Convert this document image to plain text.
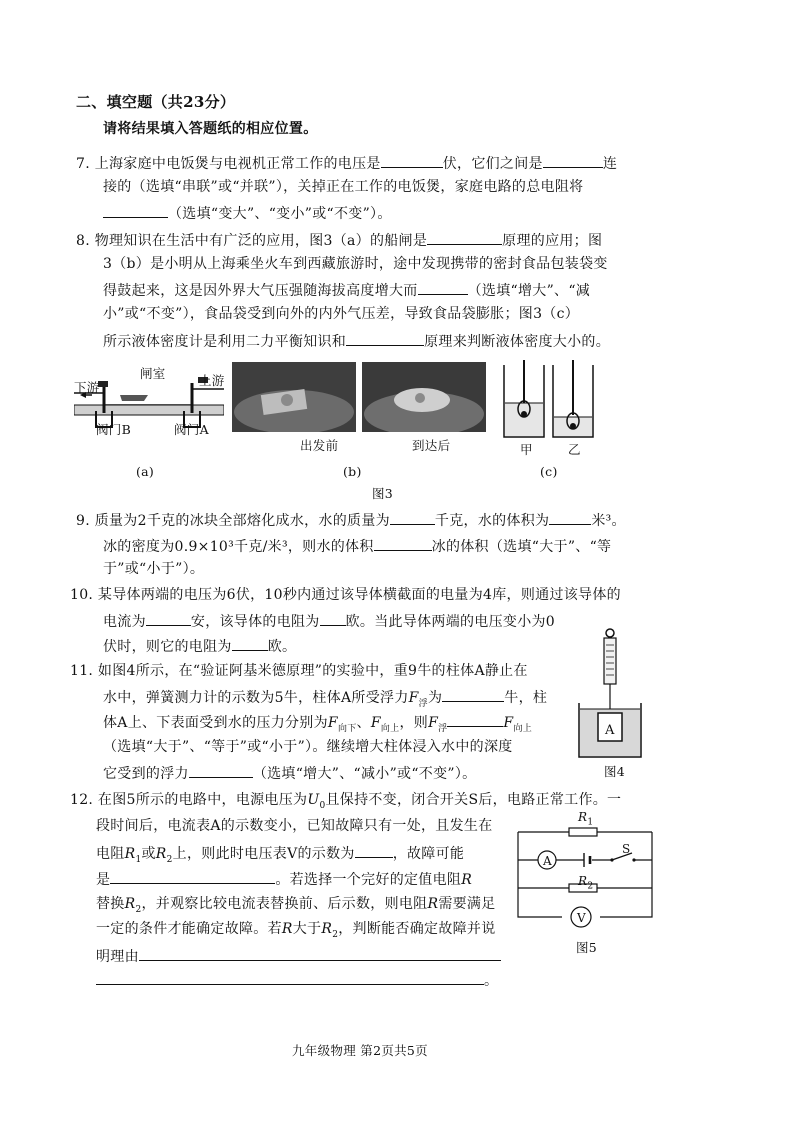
二、填空题（共23分）
请将结果填入答题纸的相应位置。
7. 上海家庭中电饭煲与电视机正常工作的电压是	伏，它们之间是	连
接的（选填“串联”或“并联”），关掉正在工作的电饭煲，家庭电路的总电阻将
（选填“变大”、“变小”或“不变”）。
8. 物理知识在生活中有广泛的应用，图3（a）的船闸是	原理的应用；图
3（b）是小明从上海乘坐火车到西藏旅游时，途中发现携带的密封食品包装袋变
得鼓起来，这是因外界大气压强随海拔高度增大而	（选填“增大”、“减
小”或“不变”），食品袋受到向外的内外气压差，导致食品袋膨胀；图3（c）
所示液体密度计是利用二力平衡知识和	原理来判断液体密度大小的。
闸室
下游	上游
阀门B	阀门A
出发前	到达后	甲	乙
(a)	(b)	(c)
图3
9. 质量为2千克的冰块全部熔化成水，水的质量为	千克，水的体积为	米³。
冰的密度为0.9×10³千克/米³，则水的体积	冰的体积（选填“大于”、“等
于”或“小于”）。
10. 某导体两端的电压为6伏，10秒内通过该导体横截面的电量为4库，则通过该导体的
电流为	安，该导体的电阻为 欧。当此导体两端的电压变小为0
伏时，则它的电阻为	欧。
11. 如图4所示，在“验证阿基米德原理”的实验中，重9牛的柱体A静止在
水中，弹簧测力计的示数为5牛，柱体A所受浮力$F_浮$为	牛，柱
体A上、下表面受到水的压力分别为$F_{向下}$、$F_{向上}$，则$F_浮$	$F_{向上}$
（选填“大于”、“等于”或“小于”）。继续增大柱体浸入水中的深度
它受到的浮力	（选填“增大”、“减小”或“不变”）。
A
图4
12. 在图5所示的电路中，电源电压为$U_0$且保持不变，闭合开关S后，电路正常工作。一
段时间后，电流表A的示数变小，已知故障只有一处，且发生在
电阻$R_1$或$R_2$上，则此时电压表V的示数为	，故障可能
是	。若选择一个完好的定值电阻R
替换$R_2$，并观察比较电流表替换前、后示数，则电阻R需要满足
一定的条件才能确定故障。若R大于$R_2$，判断能否确定故障并说
明理由
。
$R_1$
A
S
$R_2$
V
图5
九年级物理 第2页共5页
